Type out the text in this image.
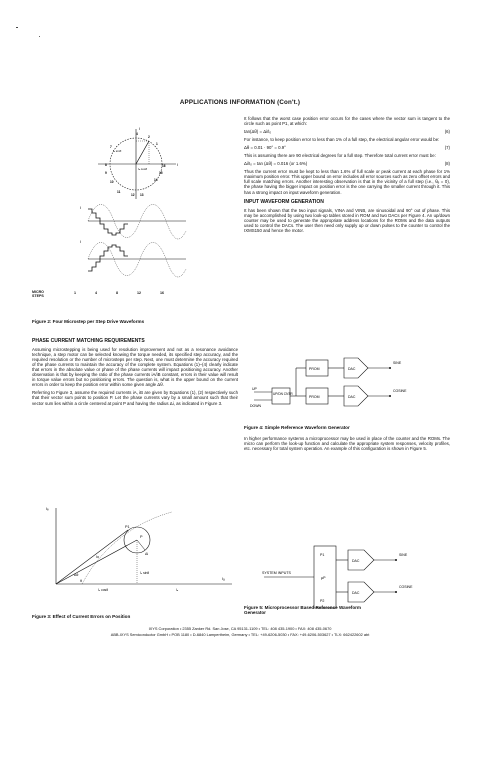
APPLICATIONS INFORMATION (Con't.)
I
I
Iₑ sinθ
Iₐ cosθ
16
1
2
4
7
8
9
10
11
12 13
14
15
I
I
MICRO STEPS
1	4	8	12	16
Figure 2: Four Microstep per Step Drive Waveforms
PHASE CURRENT MATCHING REQUIREMENTS

Assuming microstepping is being used for resolution improvement and not as a resonance avoidance technique, a step motor can be selected knowing the torque needed, its specified step accuracy, and the required resolution or the number of microsteps per step. Next, one must determine the accuracy required of the phase currents to maintain the accuracy of the complete system. Equations (1)–(4) clearly indicate that errors in the absolute value or phase of the phase currents will impact positioning accuracy. Another observation is that by keeping the ratio of the phase currents iA/iB constant, errors in their value will result in torque value errors but no positioning errors. The question is, what is the upper bound on the current errors in order to keep the position error within some given angle Δθ.

Referring to Figure 3, assume the required currents iA, iB are given by Equations (1), (2) respectively such that their vector sum points to position P. Let the phase currents vary by a small amount such that their vector sum lies within a circle centered at point P and having the radius Δi, as indicated in Figure 3.

Iₑ
Iₐ
P1
P
Io
Δi
Δθ
θ
Iₒ sinθ
Iₒ cosθ	Iₐ
Figure 3: Effect of Current Errors on Position

It follows that the worst case position error occurs for the cases where the vector sum is tangent to the circle such as point P1, at which:

tan(Δθ) = Δi/Iₒ	(6)

For instance, to keep position error to less than 1% of a full step, the electrical angular error would be:

Δθ = 0.01 · 90° = 0.9°	(7)

This is assuming there are 90 electrical degrees for a full step. Therefore total current error must be:

Δi/Iₒ = tan (Δθ) = 0.016 (or 1.6%)	(8)

Thus the current error must be kept to less than 1.6% of full scale or peak current at each phase for 1% maximum position error. This upper bound on error includes all error sources such as zero offset errors and full scale matching errors. Another interesting observation is that in the vicinity of a full step (i.e., θₑ = 0), the phase having the bigger impact on position error is the one carrying the smaller current through it. This has a strong impact on input waveform generation.

INPUT WAVEFORM GENERATION

It has been shown that the two input signals, VINA and VINB, are sinusoidal and 90° out of phase. This may be accomplished by using two look-up tables stored in ROM and two DACs per Figure 4. An up/down counter may be used to generate the appropriate address locations for the ROMs and the data outputs used to control the DACs. The user then need only supply up or down pulses to the counter to control the IXMS150 and hence the motor.

UP
DOWN
UP/DN CNTR
PROM
PROM
DAC
DAC
SINE
COSINE
Figure 4: Simple Reference Waveform Generator

In higher performance systems a microprocessor may be used in place of the counter and the ROMs. The micro can perform the look-up function and calculate the appropriate system responses, velocity profiles, etc. necessary for total system operation. An example of this configuration is shown in Figure 5.

SYSTEM INPUTS
P1
µP
P2
DAC
DAC
SINE
COSINE
Figure 5: Microprocessor Based Reference Waveform Generator
IXYS Corporation • 2355 Zanker Rd. San Jose, CA 95131-1109 • TEL: 408 435-1900 • FAX: 408 435-0670
ABB-IXYS Semiconductor GmbH • POB 1180 • D-6840 Lampertheim, Germany • TEL: +49-6206-5030 • FAX: +49-6206-503627 • TLX: 662422602 abt
